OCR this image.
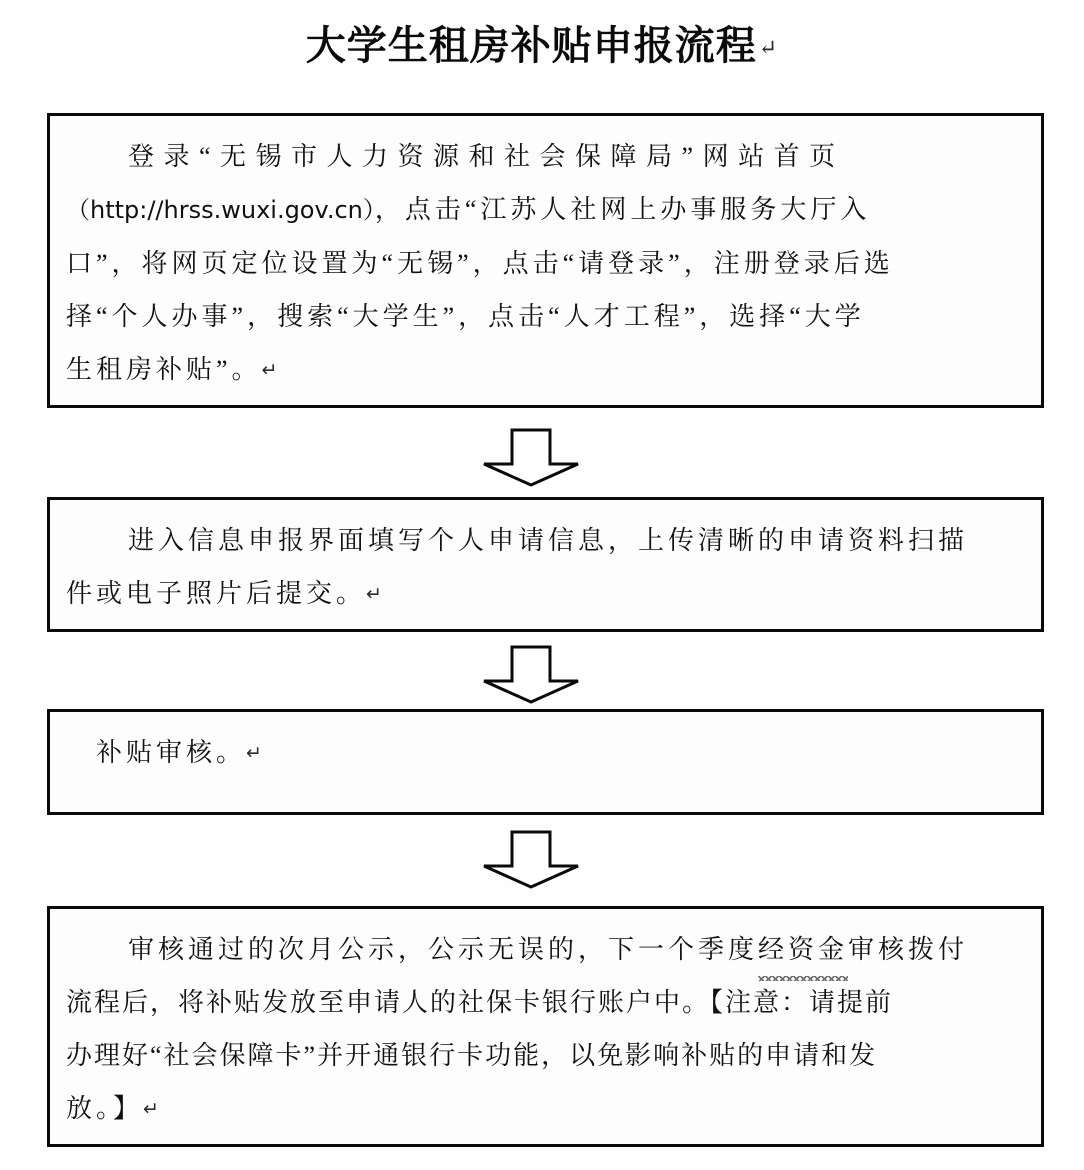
大学生租房补贴申报流程↵
登录“无锡市人力资源和社会保障局”网站首页
（http://hrss.wuxi.gov.cn），点击“江苏人社网上办事服务大厅入
口”，将网页定位设置为“无锡”，点击“请登录”，注册登录后选
择“个人办事”，搜索“大学生”，点击“人才工程”，选择“大学
生租房补贴”。↵
进入信息申报界面填写个人申请信息，上传清晰的申请资料扫描
件或电子照片后提交。↵
补贴审核。↵
审核通过的次月公示，公示无误的，下一个季度经资金审核拨付
流程后，将补贴发放至申请人的社保卡银行账户中。【注意：请提前
办理好“社会保障卡”并开通银行卡功能，以免影响补贴的申请和发
放。】↵
